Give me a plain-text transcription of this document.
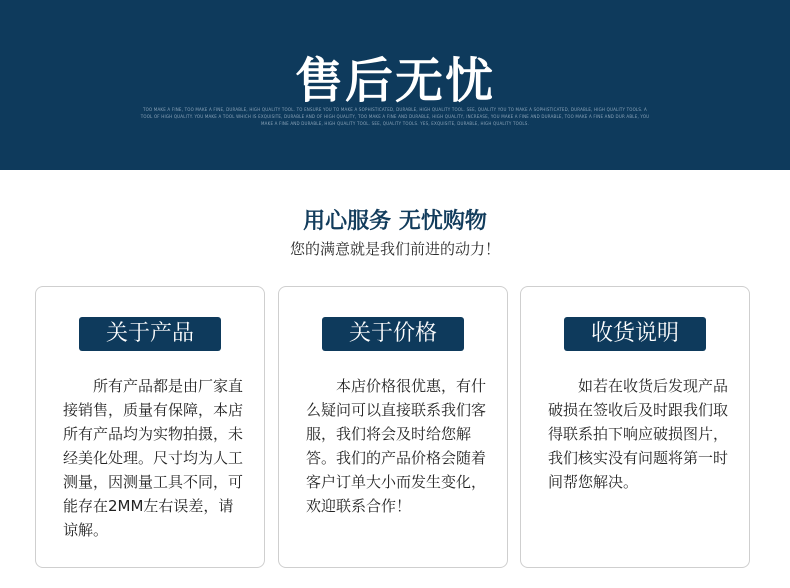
售后无忧
TOO MAKE A FINE, TOO MAKE A FINE, DURABLE, HIGH QUALITY TOOL. TO ENSURE YOU TO MAKE A SOPHISTICATED, DURABLE, HIGH QUALITY TOOL. SEE, QUALITY YOU TO MAKE A SOPHISTICATED, DURABLE, HIGH QUALITY TOOLS. A TOOL OF HIGH QUALITY. YOU MAKE A TOOL WHICH IS EXQUISITE, DURABLE AND OF HIGH QUALITY, TOO MAKE A FINE AND DURABLE, HIGH QUALITY, INCREASE, YOU MAKE A FINE AND DURABLE, TOO MAKE A FINE AND DUR ABLE, YOU MAKE A FINE AND DURABLE, HIGH QUALITY TOOL. SEE, QUALITY TOOLS. YES, EXQUISITE, DURABLE, HIGH QUALITY TOOLS.
用心服务 无忧购物
您的满意就是我们前进的动力！
关于产品
所有产品都是由厂家直接销售，质量有保障，本店所有产品均为实物拍摄，未经美化处理。尺寸均为人工测量，因测量工具不同，可能存在2MM左右误差，请谅解。
关于价格
本店价格很优惠，有什么疑问可以直接联系我们客服，我们将会及时给您解答。我们的产品价格会随着客户订单大小而发生变化，欢迎联系合作！
收货说明
如若在收货后发现产品破损在签收后及时跟我们取得联系拍下响应破损图片，我们核实没有问题将第一时间帮您解决。
